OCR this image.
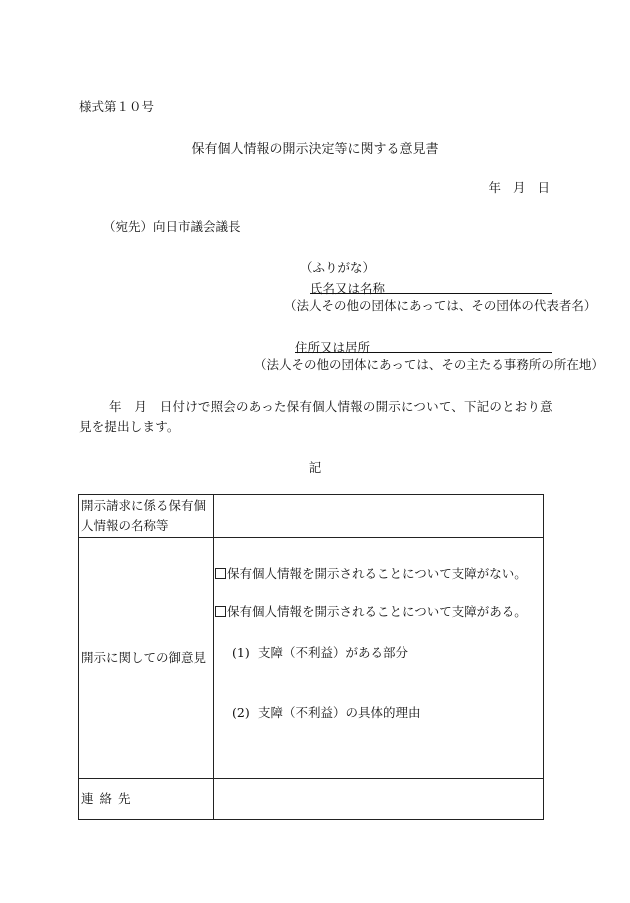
様式第１０号
保有個人情報の開示決定等に関する意見書
年 月 日
（宛先）向日市議会議長
（ふりがな）
氏名又は名称
（法人その他の団体にあっては、その団体の代表者名）
住所又は居所
（法人その他の団体にあっては、その主たる事務所の所在地）
年　月　日付けで照会のあった保有個人情報の開示について、下記のとおり意見を提出します。
記
開示請求に係る保有個人情報の名称等	
開示に関しての御意見	保有個人情報を開示されることについて支障がない。
保有個人情報を開示されることについて支障がある。
(1) 支障（不利益）がある部分
(2) 支障（不利益）の具体的理由

連絡先	
